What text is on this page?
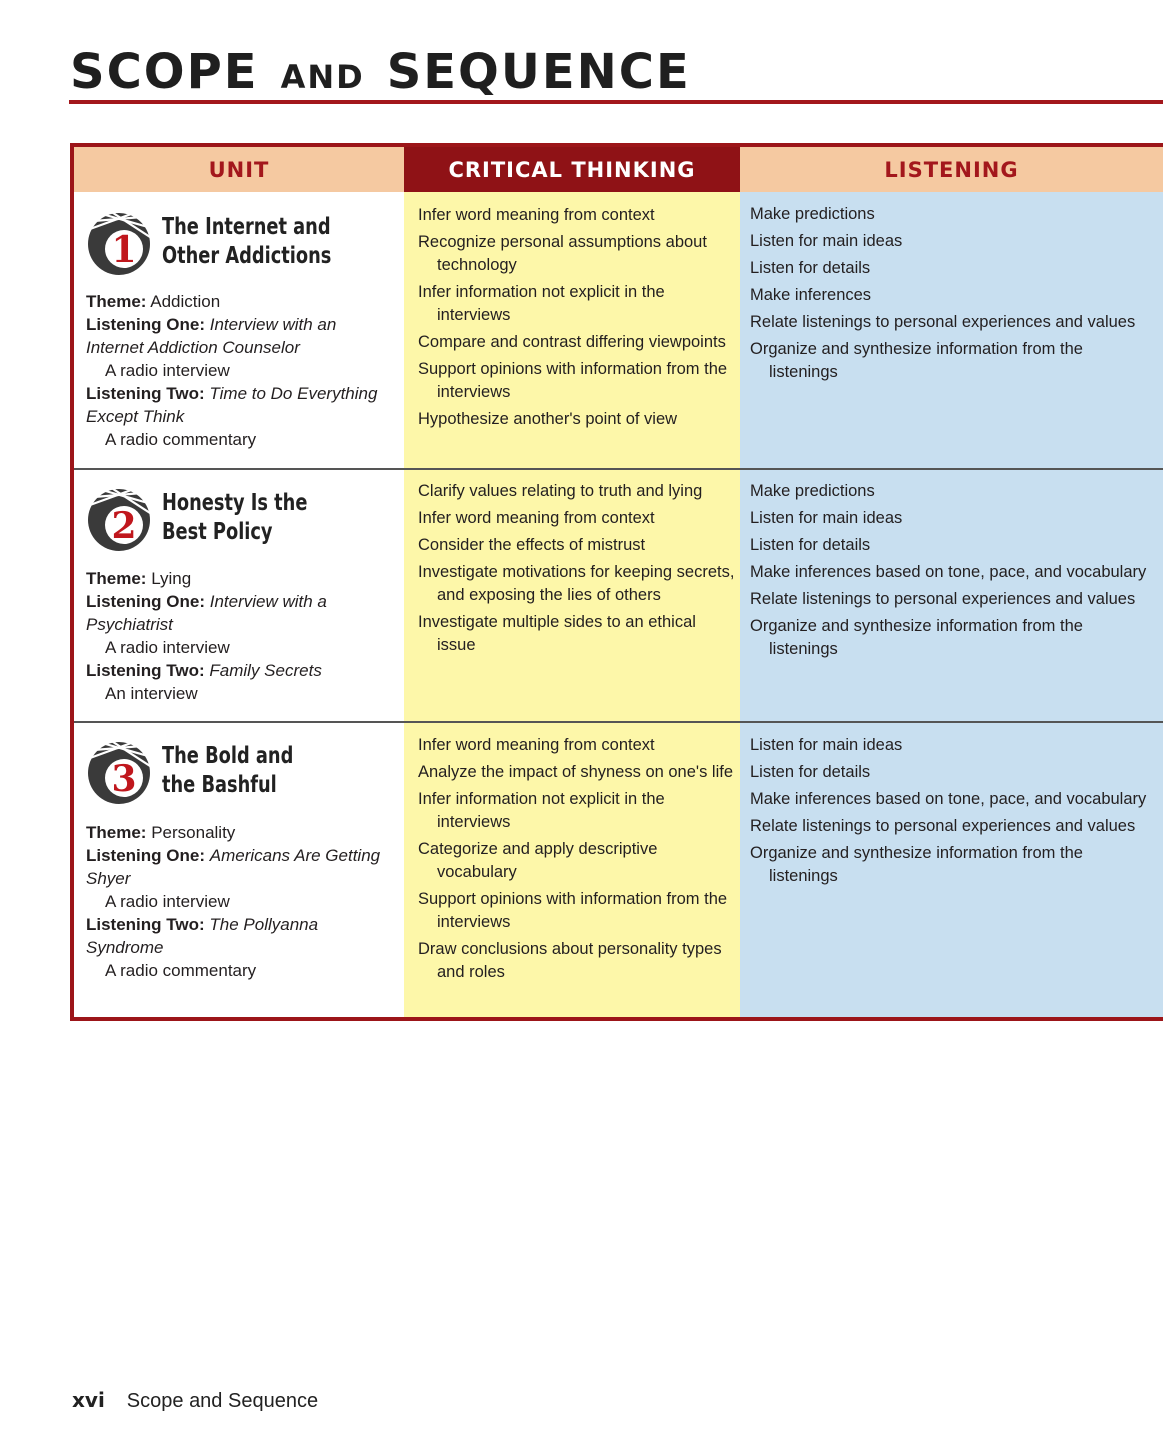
SCOPE AND SEQUENCE
UNIT	CRITICAL THINKING	LISTENING
1
The Internet and
Other Addictions
Theme: Addiction
Listening One: Interview with an
Internet Addiction Counselor
A radio interview
Listening Two: Time to Do Everything
Except Think
A radio commentary
Infer word meaning from context
Recognize personal assumptions about technology
Infer information not explicit in the interviews
Compare and contrast differing viewpoints
Support opinions with information from the interviews
Hypothesize another's point of view
Make predictions
Listen for main ideas
Listen for details
Make inferences
Relate listenings to personal experiences and values
Organize and synthesize information from the listenings
2
Honesty Is the
Best Policy
Theme: Lying
Listening One: Interview with a
Psychiatrist
A radio interview
Listening Two: Family Secrets
An interview
Clarify values relating to truth and lying
Infer word meaning from context
Consider the effects of mistrust
Investigate motivations for keeping secrets, and exposing the lies of others
Investigate multiple sides to an ethical issue
Make predictions
Listen for main ideas
Listen for details
Make inferences based on tone, pace, and vocabulary
Relate listenings to personal experiences and values
Organize and synthesize information from the listenings
3
The Bold and
the Bashful
Theme: Personality
Listening One: Americans Are Getting
Shyer
A radio interview
Listening Two: The Pollyanna Syndrome
A radio commentary
Infer word meaning from context
Analyze the impact of shyness on one's life
Infer information not explicit in the interviews
Categorize and apply descriptive vocabulary
Support opinions with information from the interviews
Draw conclusions about personality types and roles
Listen for main ideas
Listen for details
Make inferences based on tone, pace, and vocabulary
Relate listenings to personal experiences and values
Organize and synthesize information from the listenings
xvi Scope and Sequence
